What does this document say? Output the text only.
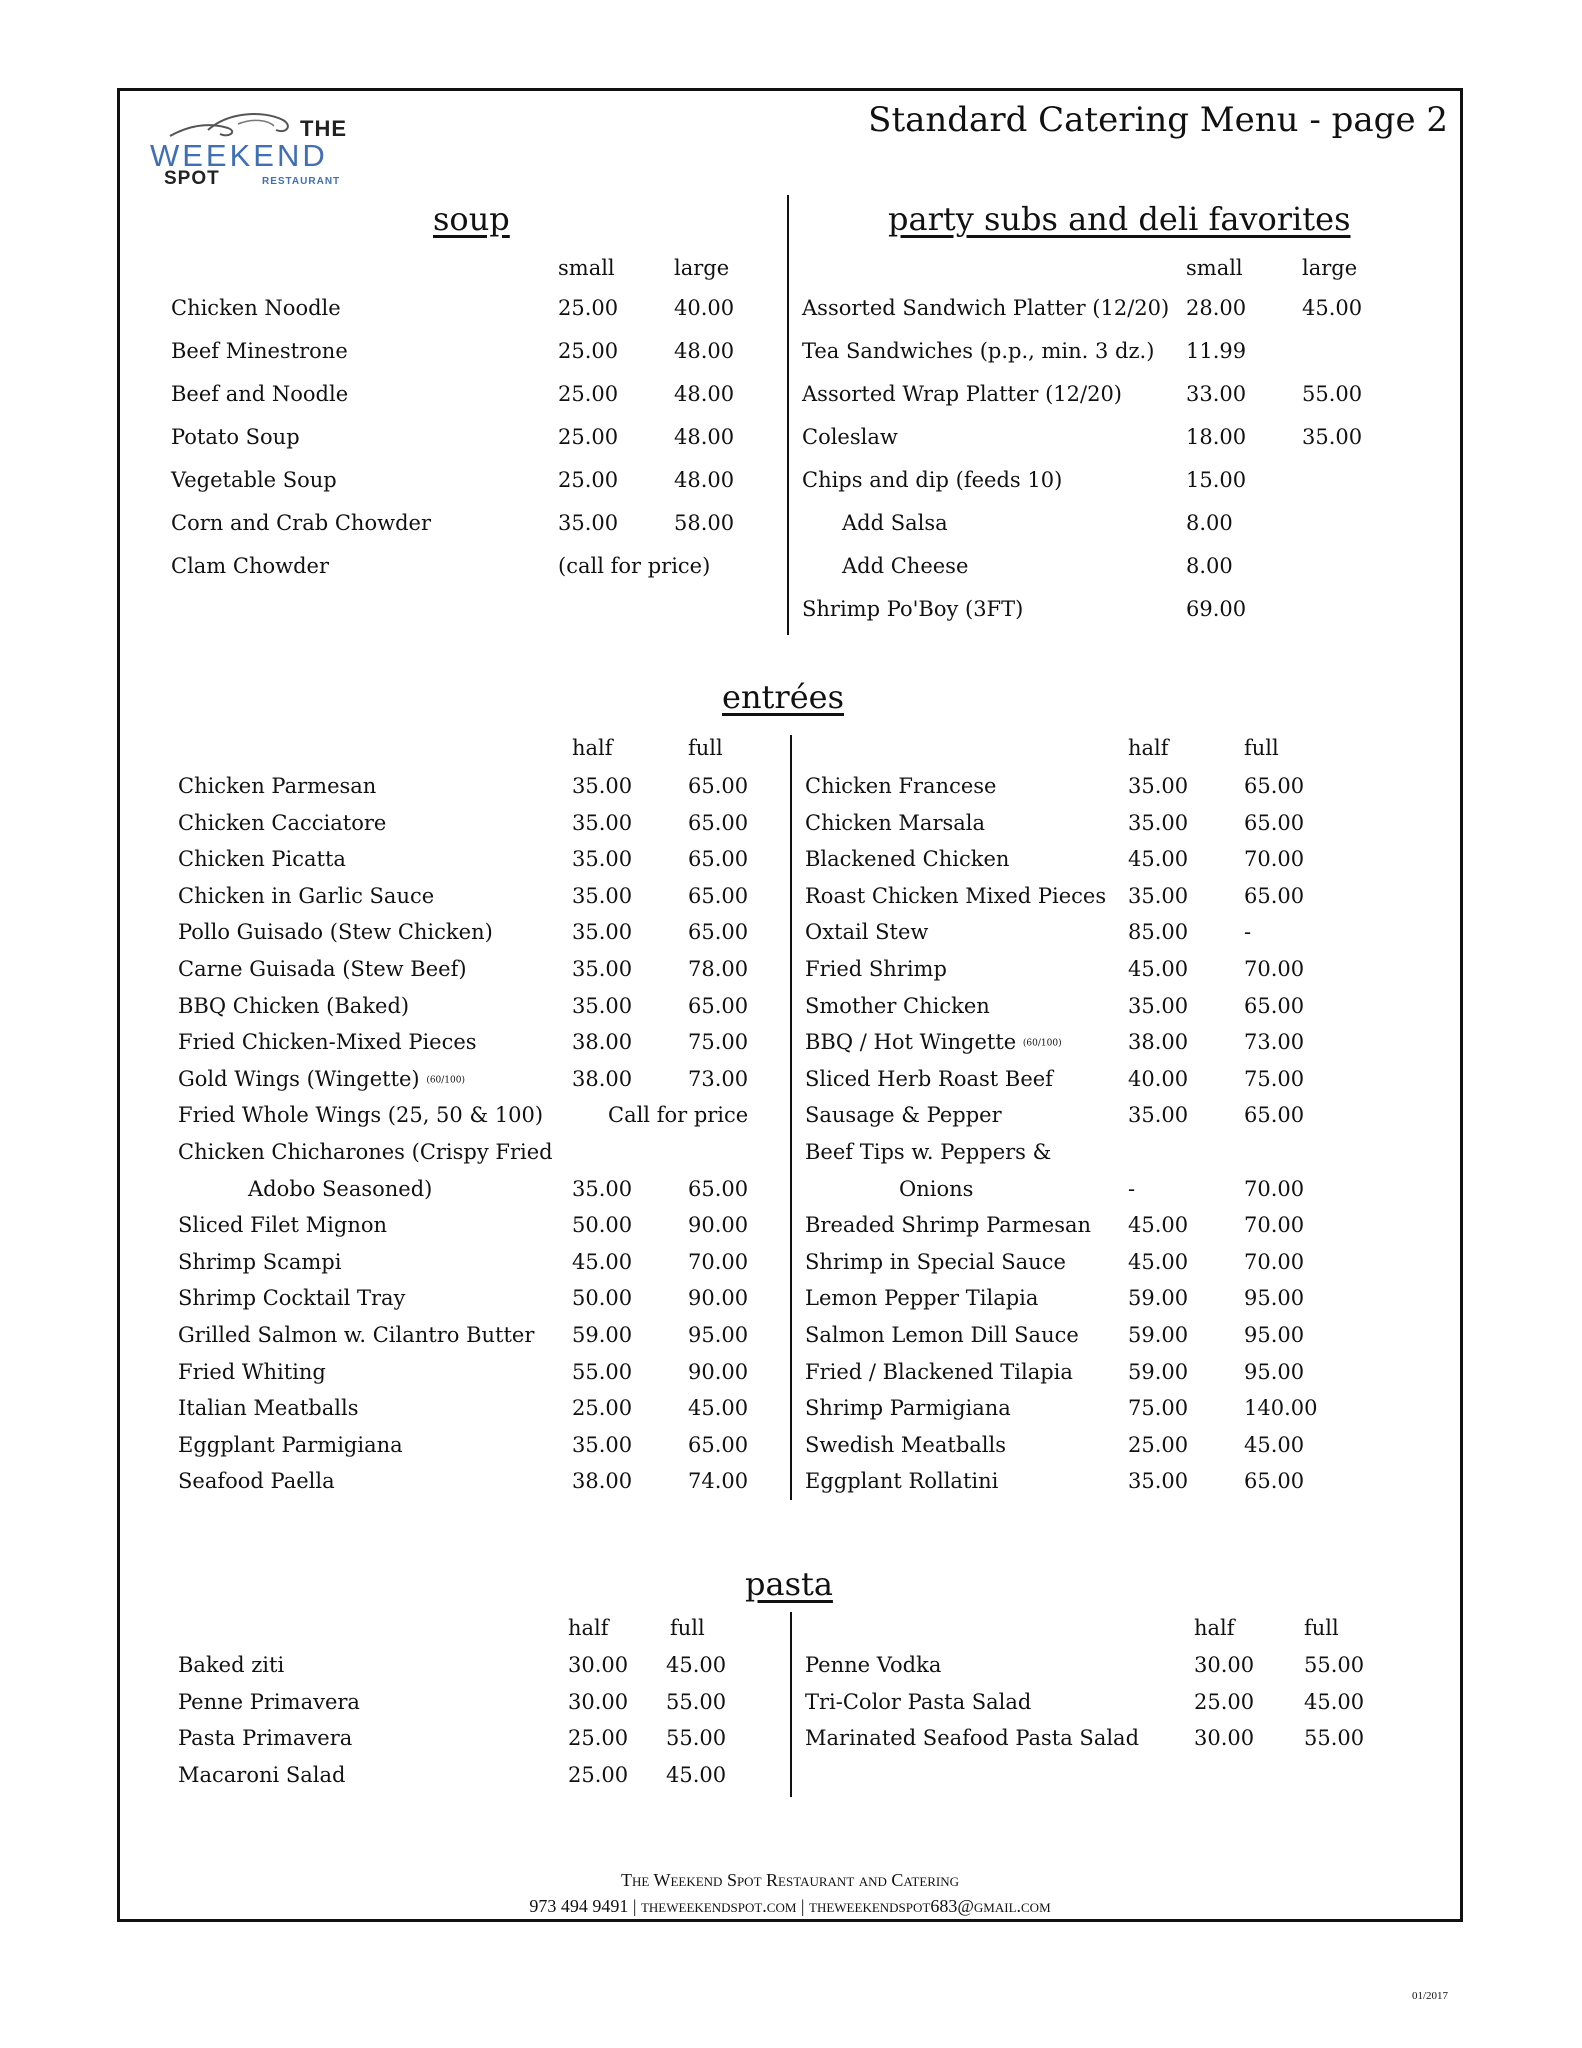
THE
WEEKEND
SPOT	RESTAURANT
Standard Catering Menu - page 2
soup
small	large
Chicken Noodle	25.00	40.00
Beef Minestrone	25.00	48.00
Beef and Noodle	25.00	48.00
Potato Soup	25.00	48.00
Vegetable Soup	25.00	48.00
Corn and Crab Chowder	35.00	58.00
Clam Chowder	(call for price)
party subs and deli favorites
small	large
Assorted Sandwich Platter (12/20) 28.00	45.00
Tea Sandwiches (p.p., min. 3 dz.) 11.99
Assorted Wrap Platter (12/20)	33.00	55.00
Coleslaw	18.00	35.00
Chips and dip (feeds 10)	15.00
Add Salsa	8.00
Add Cheese	8.00
Shrimp Po'Boy (3FT)	69.00
entrées
half	full	half	full
Chicken Parmesan	35.00	65.00
Chicken Cacciatore	35.00	65.00
Chicken Picatta	35.00	65.00
Chicken in Garlic Sauce	35.00	65.00
Pollo Guisado (Stew Chicken)	35.00	65.00
Carne Guisada (Stew Beef)	35.00	78.00
BBQ Chicken (Baked)	35.00	65.00
Fried Chicken-Mixed Pieces	38.00	75.00
Gold Wings (Wingette) (60/100)	38.00	73.00
Fried Whole Wings (25, 50 & 100)	Call for price
Chicken Chicharones (Crispy Fried
Adobo Seasoned)	35.00	65.00
Sliced Filet Mignon	50.00	90.00
Shrimp Scampi	45.00	70.00
Shrimp Cocktail Tray	50.00	90.00
Grilled Salmon w. Cilantro Butter 59.00	95.00
Fried Whiting	55.00	90.00
Italian Meatballs	25.00	45.00
Eggplant Parmigiana	35.00	65.00
Seafood Paella	38.00	74.00
Chicken Francese	35.00	65.00
Chicken Marsala	35.00	65.00
Blackened Chicken	45.00	70.00
Roast Chicken Mixed Pieces 35.00	65.00
Oxtail Stew	85.00	-
Fried Shrimp	45.00	70.00
Smother Chicken	35.00	65.00
BBQ / Hot Wingette (60/100)	38.00	73.00
Sliced Herb Roast Beef	40.00	75.00
Sausage & Pepper	35.00	65.00
Beef Tips w. Peppers &
Onions	-	70.00
Breaded Shrimp Parmesan 45.00	70.00
Shrimp in Special Sauce	45.00	70.00
Lemon Pepper Tilapia	59.00	95.00
Salmon Lemon Dill Sauce 59.00	95.00
Fried / Blackened Tilapia	59.00	95.00
Shrimp Parmigiana	75.00	140.00
Swedish Meatballs	25.00	45.00
Eggplant Rollatini	35.00	65.00
pasta
half	full	half	full
Baked ziti	30.00 45.00
Penne Primavera	30.00 55.00
Pasta Primavera	25.00 55.00
Macaroni Salad	25.00 45.00
Penne Vodka	30.00 55.00
Tri-Color Pasta Salad	25.00 45.00
Marinated Seafood Pasta Salad	30.00 55.00
The Weekend Spot Restaurant and Catering
973 494 9491 | theweekendspot.com | theweekendspot683@gmail.com
01/2017
